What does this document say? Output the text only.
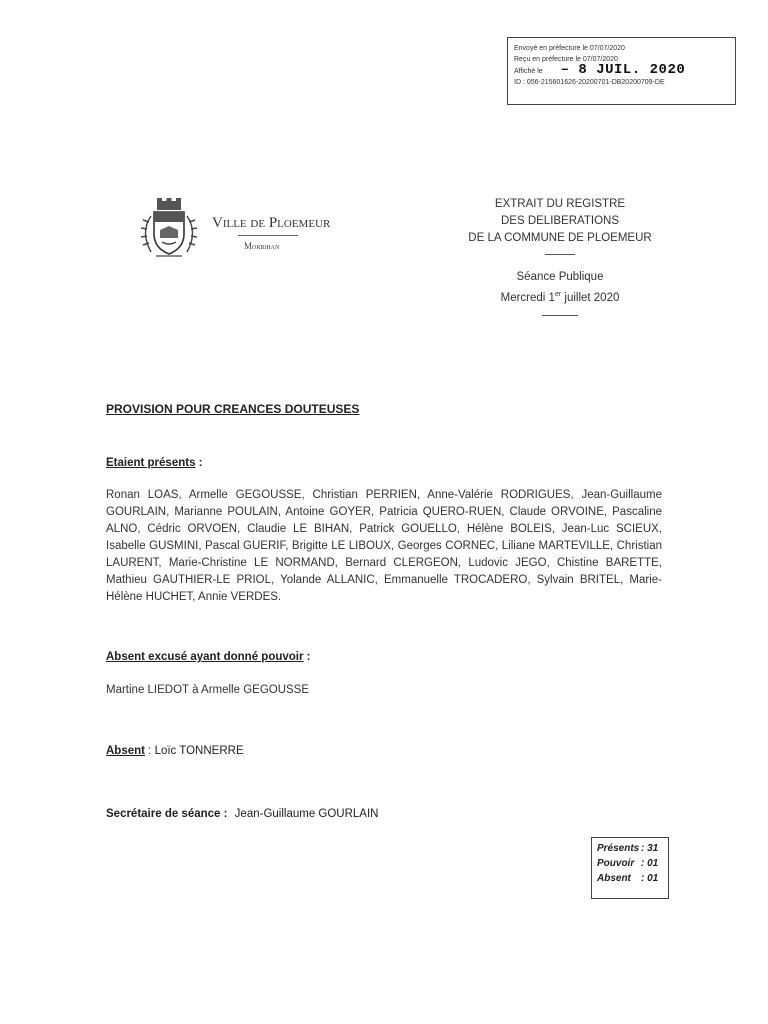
Envoyé en préfecture le 07/07/2020
Reçu en préfecture le 07/07/2020
Affiché le – 8 JUIL. 2020
ID : 056-215601626-20200701-DB20200709-DE
Ville de Ploemeur
Morbihan
EXTRAIT DU REGISTRE
DES DELIBERATIONS
DE LA COMMUNE DE PLOEMEUR
Séance Publique
Mercredi 1er juillet 2020
PROVISION POUR CREANCES DOUTEUSES
Etaient présents :
Ronan LOAS, Armelle GEGOUSSE, Christian PERRIEN, Anne-Valérie RODRIGUES, Jean-Guillaume GOURLAIN, Marianne POULAIN, Antoine GOYER, Patricia QUERO-RUEN, Claude ORVOINE, Pascaline ALNO, Cédric ORVOEN, Claudie LE BIHAN, Patrick GOUELLO, Hélène BOLEIS, Jean-Luc SCIEUX, Isabelle GUSMINI, Pascal GUERIF, Brigitte LE LIBOUX, Georges CORNEC, Liliane MARTEVILLE, Christian LAURENT, Marie-Christine LE NORMAND, Bernard CLERGEON, Ludovic JEGO, Chistine BARETTE, Mathieu GAUTHIER-LE PRIOL, Yolande ALLANIC, Emmanuelle TROCADERO, Sylvain BRITEL, Marie-Hélène HUCHET, Annie VERDES.
Absent excusé ayant donné pouvoir :
Martine LIEDOT à Armelle GEGOUSSE
Absent : Loïc TONNERRE
Secrétaire de séance : Jean-Guillaume GOURLAIN
Présents : 31
Pouvoir : 01
Absent	: 01
